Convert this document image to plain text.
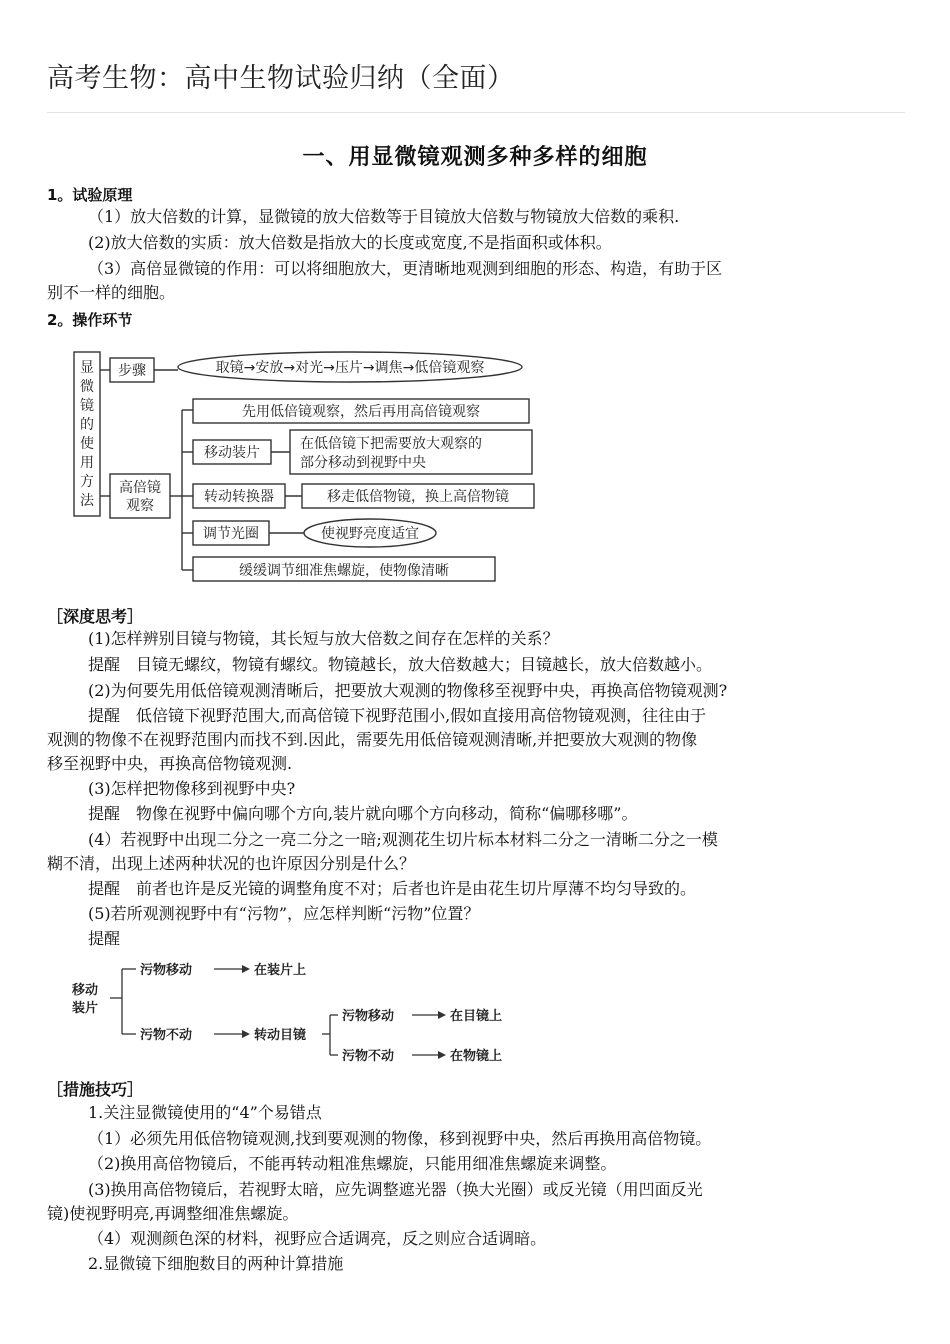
高考生物：高中生物试验归纳（全面）
一、用显微镜观测多种多样的细胞
1。试验原理
（1）放大倍数的计算，显微镜的放大倍数等于目镜放大倍数与物镜放大倍数的乘积.
(2)放大倍数的实质：放大倍数是指放大的长度或宽度,不是指面积或体积。
（3）高倍显微镜的作用：可以将细胞放大，更清晰地观测到细胞的形态、构造，有助于区
别不一样的细胞。
2。操作环节
显
微
镜
的
使
用
方
法
步骤	取镜→安放→对光→压片→调焦→低倍镜观察
高倍镜
观察
先用低倍镜观察，然后再用高倍镜观察
移动装片
在低倍镜下把需要放大观察的
部分移动到视野中央
转动转换器	移走低倍物镜，换上高倍物镜
调节光圈	使视野亮度适宜
缓缓调节细准焦螺旋，使物像清晰
［深度思考］
(1)怎样辨别目镜与物镜，其长短与放大倍数之间存在怎样的关系？
提醒　目镜无螺纹，物镜有螺纹。物镜越长，放大倍数越大；目镜越长，放大倍数越小。
(2)为何要先用低倍镜观测清晰后，把要放大观测的物像移至视野中央，再换高倍物镜观测?
提醒　低倍镜下视野范围大,而高倍镜下视野范围小,假如直接用高倍物镜观测，往往由于
观测的物像不在视野范围内而找不到.因此，需要先用低倍镜观测清晰,并把要放大观测的物像
移至视野中央，再换高倍物镜观测.
(3)怎样把物像移到视野中央?
提醒　物像在视野中偏向哪个方向,装片就向哪个方向移动，简称“偏哪移哪”。
(4）若视野中出现二分之一亮二分之一暗;观测花生切片标本材料二分之一清晰二分之一模
糊不清，出现上述两种状况的也许原因分别是什么？
提醒　前者也许是反光镜的调整角度不对；后者也许是由花生切片厚薄不均匀导致的。
(5)若所观测视野中有“污物”，应怎样判断“污物”位置？
提醒
移动
装片
污物移动	在装片上
污物不动	转动目镜
污物移动	在目镜上
污物不动	在物镜上
［措施技巧］
1.关注显微镜使用的“4”个易错点
（1）必须先用低倍物镜观测,找到要观测的物像，移到视野中央，然后再换用高倍物镜。
（2)换用高倍物镜后，不能再转动粗准焦螺旋，只能用细准焦螺旋来调整。
(3)换用高倍物镜后，若视野太暗，应先调整遮光器（换大光圈）或反光镜（用凹面反光
镜)使视野明亮,再调整细准焦螺旋。
（4）观测颜色深的材料，视野应合适调亮，反之则应合适调暗。
2.显微镜下细胞数目的两种计算措施
